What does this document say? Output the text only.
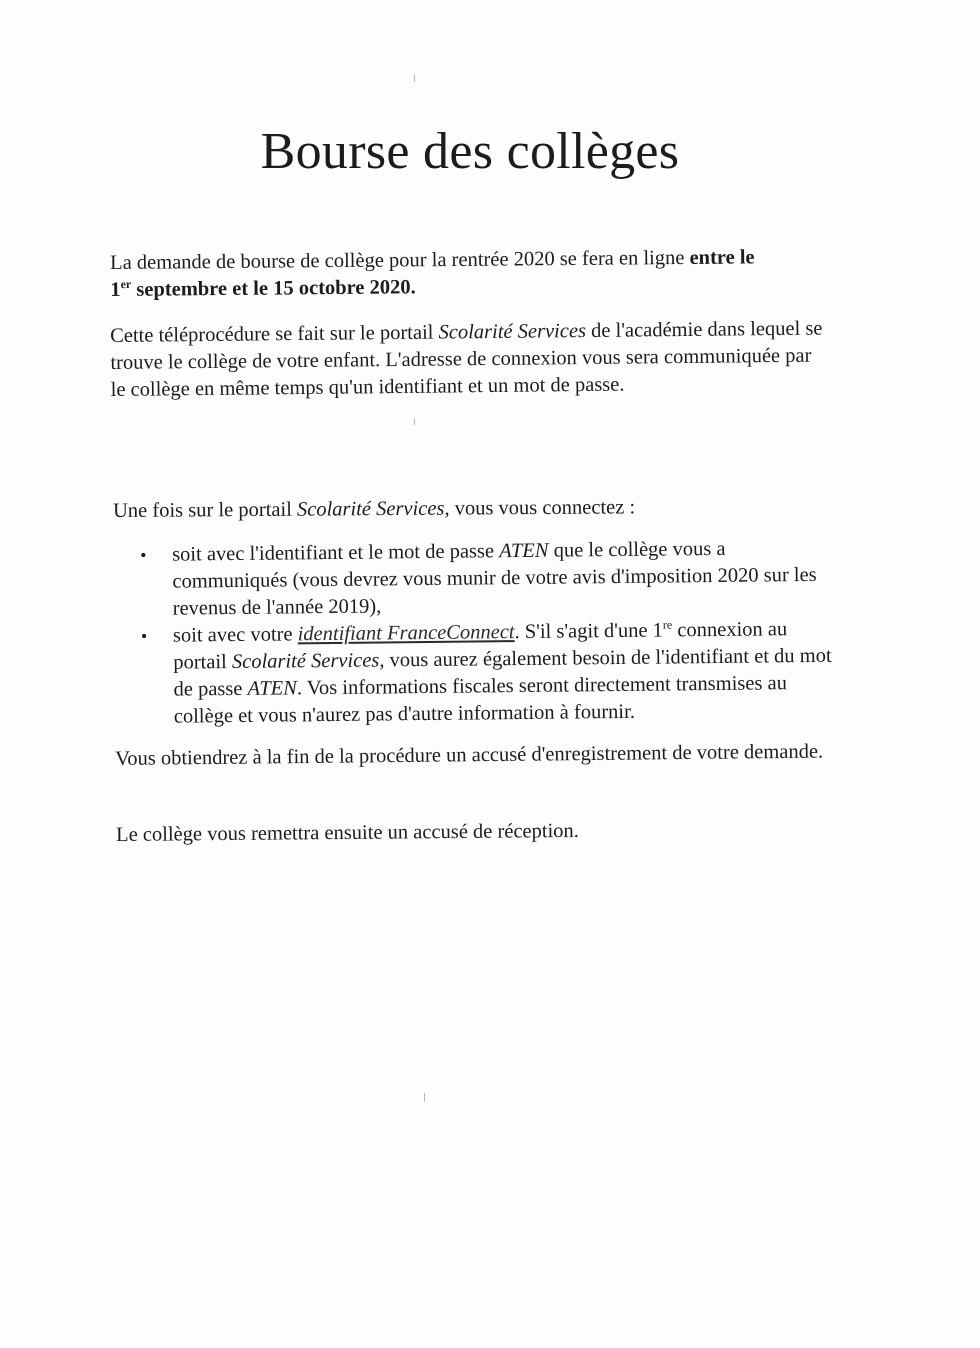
Bourse des collèges

La demande de bourse de collège pour la rentrée 2020 se fera en ligne entre le
1er septembre et le 15 octobre 2020.

Cette téléprocédure se fait sur le portail Scolarité Services de l'académie dans lequel se trouve le collège de votre enfant. L'adresse de connexion vous sera communiquée par le collège en même temps qu'un identifiant et un mot de passe.

Une fois sur le portail Scolarité Services, vous vous connectez :

• soit avec l'identifiant et le mot de passe ATEN que le collège vous a communiqués (vous devrez vous munir de votre avis d'imposition 2020 sur les revenus de l'année 2019),
• soit avec votre identifiant FranceConnect. S'il s'agit d'une 1re connexion au portail Scolarité Services, vous aurez également besoin de l'identifiant et du mot de passe ATEN. Vos informations fiscales seront directement transmises au collège et vous n'aurez pas d'autre information à fournir.

Vous obtiendrez à la fin de la procédure un accusé d'enregistrement de votre demande.

Le collège vous remettra ensuite un accusé de réception.
